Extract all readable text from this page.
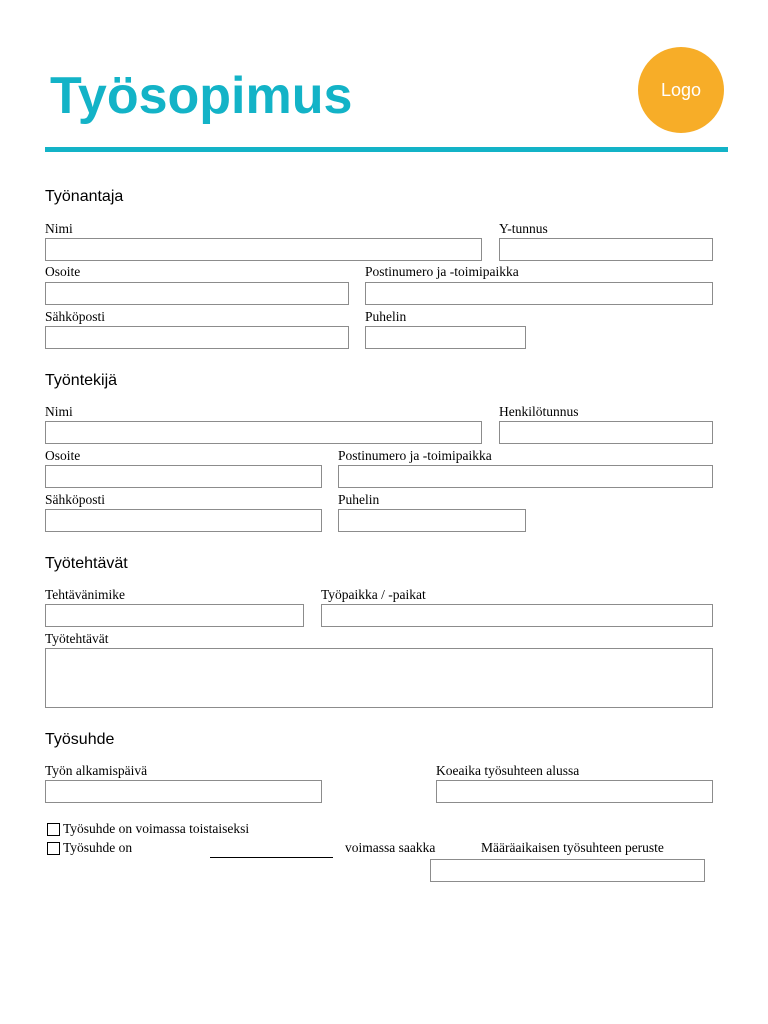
Työsopimus	Logo
Työnantaja
Nimi	Y-tunnus
Osoite	Postinumero ja -toimipaikka
Sähköposti	Puhelin
Työntekijä
Nimi	Henkilötunnus
Osoite	Postinumero ja -toimipaikka
Sähköposti	Puhelin
Työtehtävät
Tehtävänimike	Työpaikka / -paikat
Työtehtävät
Työsuhde
Työn alkamispäivä	Koeaika työsuhteen alussa
Työsuhde on voimassa toistaiseksi
Työsuhde on	voimassa saakka	Määräaikaisen työsuhteen peruste
